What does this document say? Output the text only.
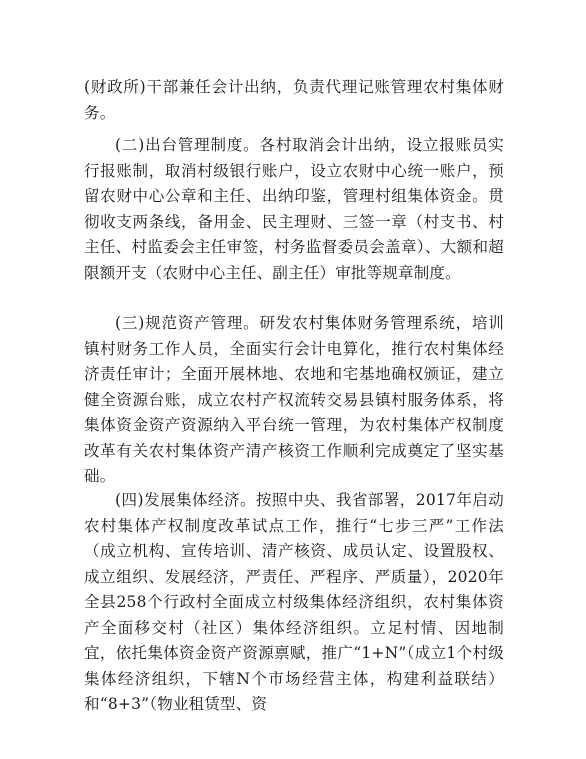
(财政所)干部兼任会计出纳，负责代理记账管理农村集体财务。

(二)出台管理制度。各村取消会计出纳，设立报账员实行报账制，取消村级银行账户，设立农财中心统一账户，预留农财中心公章和主任、出纳印鉴，管理村组集体资金。贯彻收支两条线，备用金、民主理财、三签一章（村支书、村主任、村监委会主任审签，村务监督委员会盖章）、大额和超限额开支（农财中心主任、副主任）审批等规章制度。

(三)规范资产管理。研发农村集体财务管理系统，培训镇村财务工作人员，全面实行会计电算化，推行农村集体经济责任审计；全面开展林地、农地和宅基地确权颁证，建立健全资源台账，成立农村产权流转交易县镇村服务体系，将集体资金资产资源纳入平台统一管理，为农村集体产权制度改革有关农村集体资产清产核资工作顺利完成奠定了坚实基础。

(四)发展集体经济。按照中央、我省部署，2017年启动农村集体产权制度改革试点工作，推行“七步三严”工作法（成立机构、宣传培训、清产核资、成员认定、设置股权、成立组织、发展经济，严责任、严程序、严质量），2020年全县258个行政村全面成立村级集体经济组织，农村集体资产全面移交村（社区）集体经济组织。立足村情、因地制宜，依托集体资金资产资源禀赋，推广“1+N”（成立1个村级集体经济组织，下辖N个市场经营主体，构建利益联结）和“8+3”（物业租赁型、资
